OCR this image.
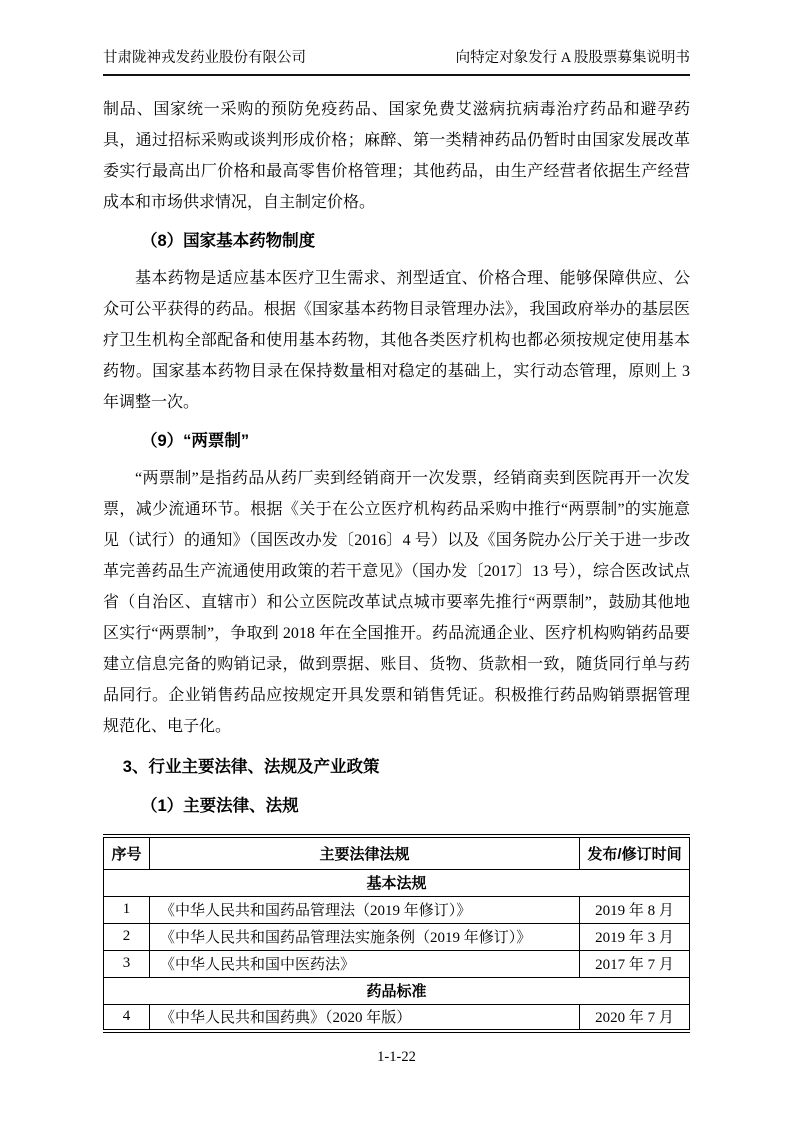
甘肃陇神戎发药业股份有限公司	向特定对象发行 A 股股票募集说明书

制品、国家统一采购的预防免疫药品、国家免费艾滋病抗病毒治疗药品和避孕药具，通过招标采购或谈判形成价格；麻醉、第一类精神药品仍暂时由国家发展改革委实行最高出厂价格和最高零售价格管理；其他药品，由生产经营者依据生产经营成本和市场供求情况，自主制定价格。

（8）国家基本药物制度

基本药物是适应基本医疗卫生需求、剂型适宜、价格合理、能够保障供应、公众可公平获得的药品。根据《国家基本药物目录管理办法》，我国政府举办的基层医疗卫生机构全部配备和使用基本药物，其他各类医疗机构也都必须按规定使用基本药物。国家基本药物目录在保持数量相对稳定的基础上，实行动态管理，原则上 3 年调整一次。

（9）“两票制”

“两票制”是指药品从药厂卖到经销商开一次发票，经销商卖到医院再开一次发票，减少流通环节。根据《关于在公立医疗机构药品采购中推行“两票制”的实施意见（试行）的通知》（国医改办发〔2016〕4 号）以及《国务院办公厅关于进一步改革完善药品生产流通使用政策的若干意见》（国办发〔2017〕13 号），综合医改试点省（自治区、直辖市）和公立医院改革试点城市要率先推行“两票制”，鼓励其他地区实行“两票制”，争取到 2018 年在全国推开。药品流通企业、医疗机构购销药品要建立信息完备的购销记录，做到票据、账目、货物、货款相一致，随货同行单与药品同行。企业销售药品应按规定开具发票和销售凭证。积极推行药品购销票据管理规范化、电子化。

3、行业主要法律、法规及产业政策
（1）主要法律、法规
序号	主要法律法规	发布/修订时间
基本法规		
1	《中华人民共和国药品管理法（2019 年修订）》	2019 年 8 月
2	《中华人民共和国药品管理法实施条例（2019 年修订）》	2019 年 3 月
3	《中华人民共和国中医药法》	2017 年 7 月
药品标准		
4	《中华人民共和国药典》（2020 年版）	2020 年 7 月
1-1-22
